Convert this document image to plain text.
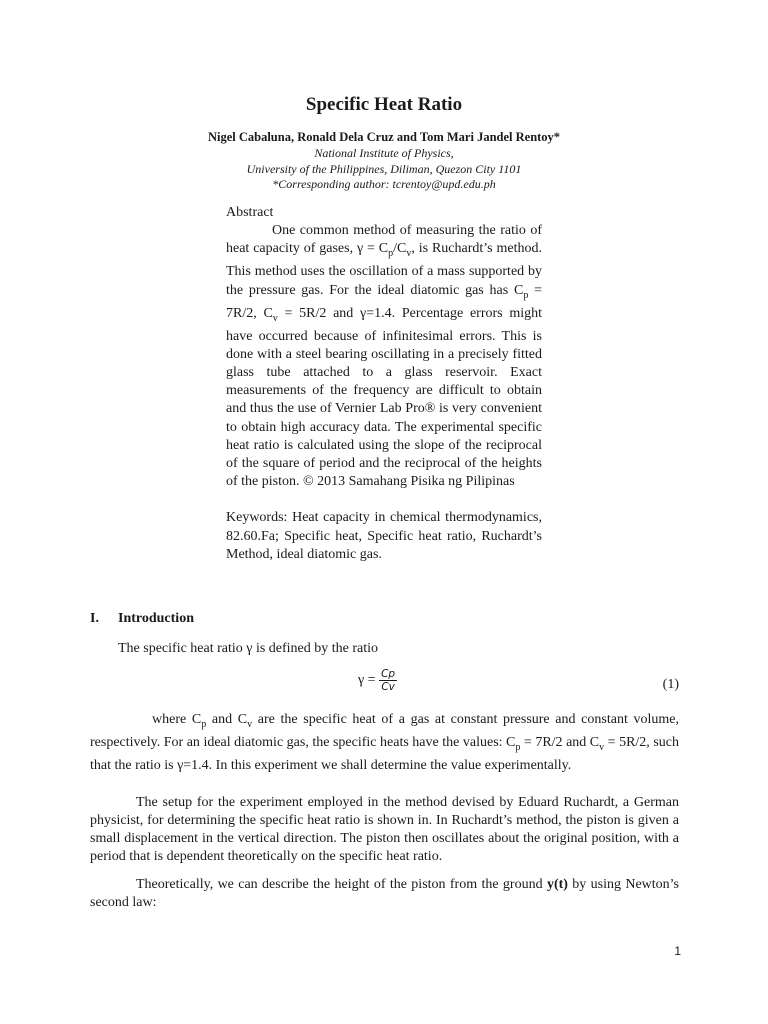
Specific Heat Ratio
Nigel Cabaluna, Ronald Dela Cruz and Tom Mari Jandel Rentoy*
National Institute of Physics,
University of the Philippines, Diliman, Quezon City 1101
*Corresponding author: tcrentoy@upd.edu.ph

Abstract

One common method of measuring the ratio of heat capacity of gases, $\gamma = C_p/C_v$, is Ruchardt’s method. This method uses the oscillation of a mass supported by the pressure gas. For the ideal diatomic gas has $C_p = 7R/2$, $C_v = 5R/2$ and γ=1.4. Percentage errors might have occurred because of infinitesimal errors. This is done with a steel bearing oscillating in a precisely fitted glass tube attached to a glass reservoir. Exact measurements of the frequency are difficult to obtain and thus the use of Vernier Lab Pro® is very convenient to obtain high accuracy data. The experimental specific heat ratio is calculated using the slope of the reciprocal of the square of period and the reciprocal of the heights of the piston. © 2013 Samahang Pisika ng Pilipinas

Keywords: Heat capacity in chemical thermodynamics, 82.60.Fa; Specific heat, Specific heat ratio, Ruchardt’s Method, ideal diatomic gas.

I. Introduction

The specific heat ratio γ is defined by the ratio

$\gamma = \frac{Cp}{Cv}$	(1)

where $C_p$ and $C_v$ are the specific heat of a gas at constant pressure and constant volume, respectively. For an ideal diatomic gas, the specific heats have the values: $C_p = 7R/2$ and $C_v = 5R/2$, such that the ratio is γ=1.4. In this experiment we shall determine the value experimentally.

The setup for the experiment employed in the method devised by Eduard Ruchardt, a German physicist, for determining the specific heat ratio is shown in. In Ruchardt’s method, the piston is given a small displacement in the vertical direction. The piston then oscillates about the original position, with a period that is dependent theoretically on the specific heat ratio.

Theoretically, we can describe the height of the piston from the ground y(t) by using Newton’s second law:

1
